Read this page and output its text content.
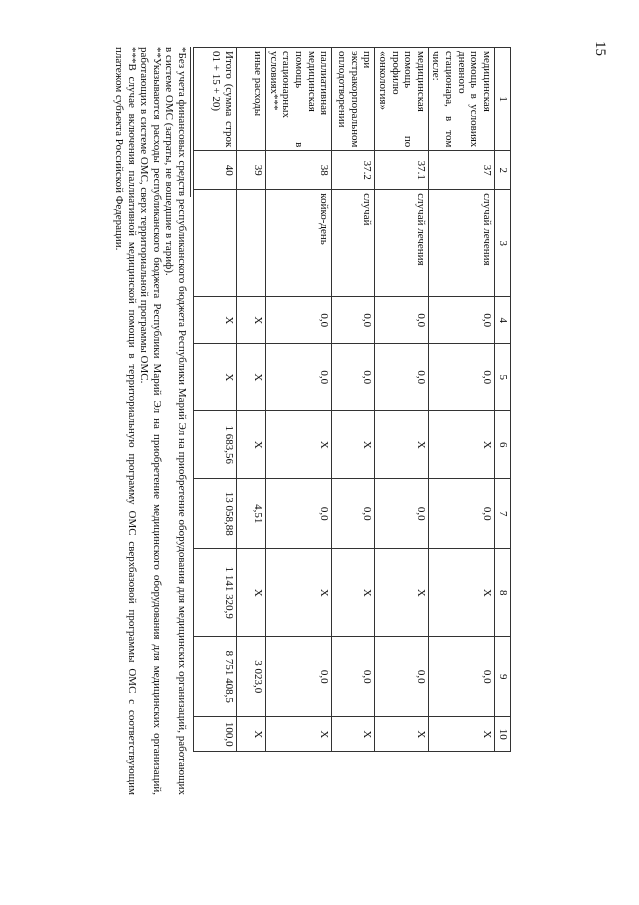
15
1	2	3	4	5	6	7	8	9	10
медицинская помощь в условиях дневного стационара, в том числе:	37	случай лечения	0,0	0,0	X	0,0	X	0,0	X
медицинская помощь по профилю «онкология»	37.1	случай лечения	0,0	0,0	X	0,0	X	0,0	X
при экстракорпоральном оплодотворении	37.2	случай	0,0	0,0	X	0,0	X	0,0	X
паллиативная медицинская помощь в стационарных условиях***	38	койко-день	0,0	0,0	X	0,0	X	0,0	X
иные расходы	39		X	X	X	4,51	X	3 023,0	X
Итого (сумма строк 01 + 15 + 20)	40		X	X	1 683,56	13 058,88	1 141 320,9	8 751 408,5	100,0

*Без учета финансовых средств республиканского бюджета Республики Марий Эл на приобретение оборудования для медицинских организаций, работающих в системе ОМС (затраты, не вошедшие в тариф).

**Указываются расходы республиканского бюджета Республики Марий Эл на приобретение медицинского оборудования для медицинских организаций, работающих в системе ОМС, сверх территориальной программы ОМС.

***В случае включения паллиативной медицинской помощи в территориальную программу ОМС сверхбазовой программы ОМС с соответствующим платежом субъекта Российской Федерации.
